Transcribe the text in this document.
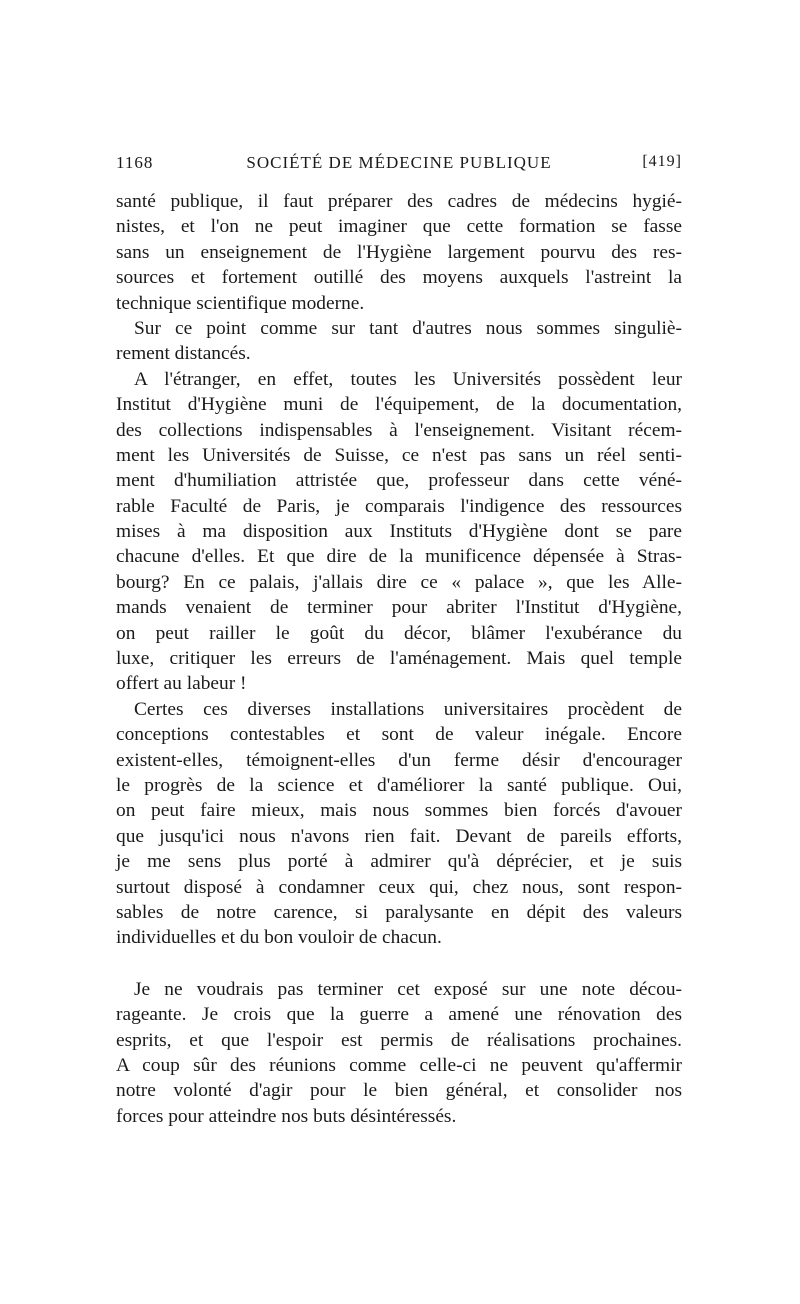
1168	SOCIÉTÉ DE MÉDECINE PUBLIQUE	[419]
santé publique, il faut préparer des cadres de médecins hygié-
nistes, et l'on ne peut imaginer que cette formation se fasse
sans un enseignement de l'Hygiène largement pourvu des res-
sources et fortement outillé des moyens auxquels l'astreint la
technique scientifique moderne.
Sur ce point comme sur tant d'autres nous sommes singuliè-
rement distancés.
A l'étranger, en effet, toutes les Universités possèdent leur
Institut d'Hygiène muni de l'équipement, de la documentation,
des collections indispensables à l'enseignement. Visitant récem-
ment les Universités de Suisse, ce n'est pas sans un réel senti-
ment d'humiliation attristée que, professeur dans cette véné-
rable Faculté de Paris, je comparais l'indigence des ressources
mises à ma disposition aux Instituts d'Hygiène dont se pare
chacune d'elles. Et que dire de la munificence dépensée à Stras-
bourg? En ce palais, j'allais dire ce « palace », que les Alle-
mands venaient de terminer pour abriter l'Institut d'Hygiène,
on peut railler le goût du décor, blâmer l'exubérance du
luxe, critiquer les erreurs de l'aménagement. Mais quel temple
offert au labeur !
Certes ces diverses installations universitaires procèdent de
conceptions contestables et sont de valeur inégale. Encore
existent-elles, témoignent-elles d'un ferme désir d'encourager
le progrès de la science et d'améliorer la santé publique. Oui,
on peut faire mieux, mais nous sommes bien forcés d'avouer
que jusqu'ici nous n'avons rien fait. Devant de pareils efforts,
je me sens plus porté à admirer qu'à déprécier, et je suis
surtout disposé à condamner ceux qui, chez nous, sont respon-
sables de notre carence, si paralysante en dépit des valeurs
individuelles et du bon vouloir de chacun.
Je ne voudrais pas terminer cet exposé sur une note décou-
rageante. Je crois que la guerre a amené une rénovation des
esprits, et que l'espoir est permis de réalisations prochaines.
A coup sûr des réunions comme celle-ci ne peuvent qu'affermir
notre volonté d'agir pour le bien général, et consolider nos
forces pour atteindre nos buts désintéressés.
